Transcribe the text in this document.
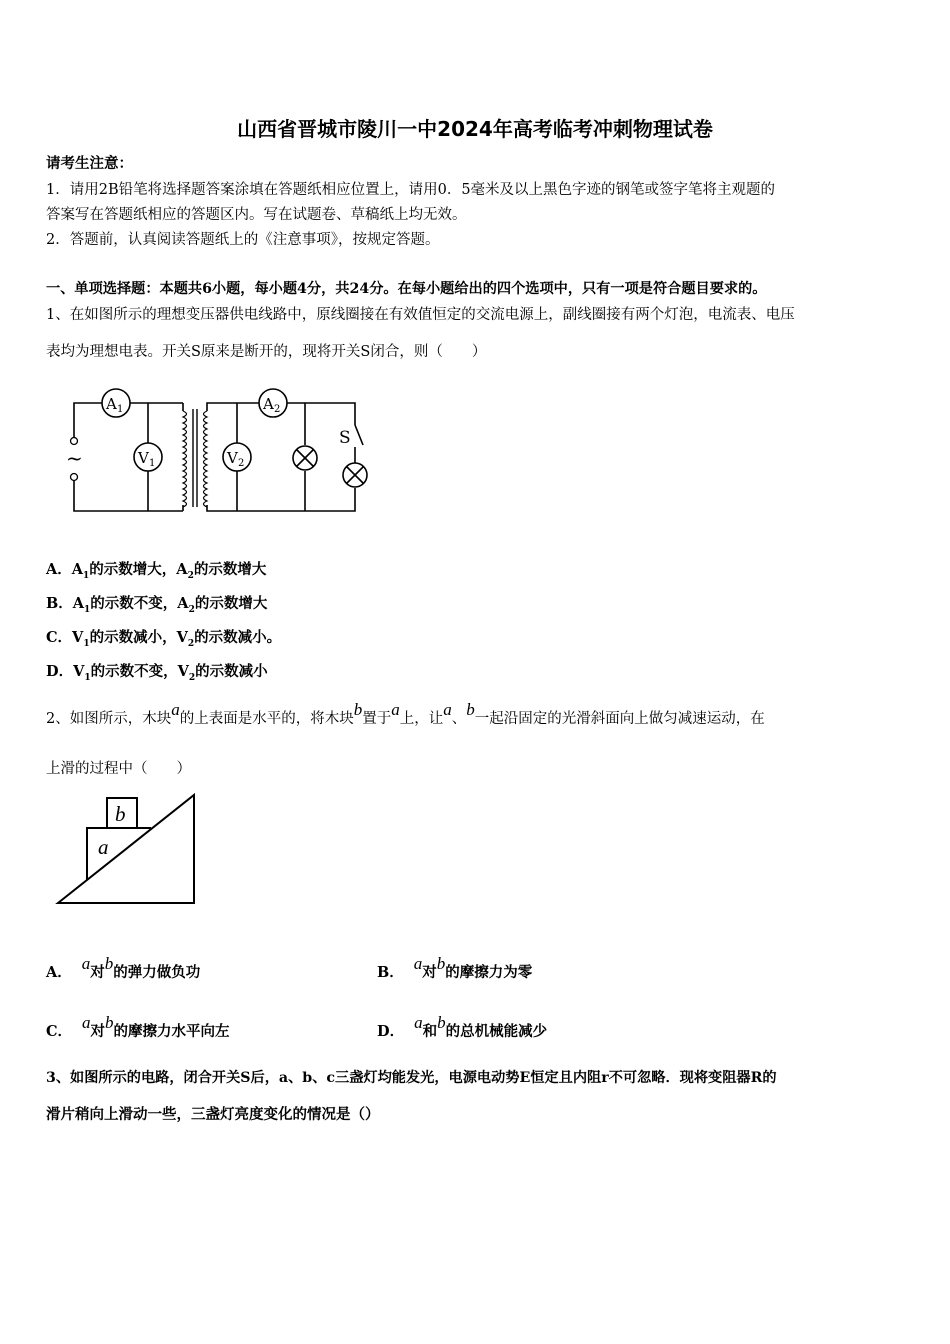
山西省晋城市陵川一中2024年高考临考冲刺物理试卷
请考生注意：
1．请用2B铅笔将选择题答案涂填在答题纸相应位置上，请用0．5毫米及以上黑色字迹的钢笔或签字笔将主观题的
答案写在答题纸相应的答题区内。写在试题卷、草稿纸上均无效。
2．答题前，认真阅读答题纸上的《注意事项》，按规定答题。
一、单项选择题：本题共6小题，每小题4分，共24分。在每小题给出的四个选项中，只有一项是符合题目要求的。
1、在如图所示的理想变压器供电线路中，原线圈接在有效值恒定的交流电源上，副线圈接有两个灯泡，电流表、电压
表均为理想电表。开关S原来是断开的，现将开关S闭合，则（　　）
~
A 1
V 1
A 2
V 2
S
A．$A_1$的示数增大，$A_2$的示数增大
B．$A_1$的示数不变，$A_2$的示数增大
C．$V_1$的示数减小，$V_2$的示数减小。
D．$V_1$的示数不变，$V_2$的示数减小
2、如图所示，木块a的上表面是水平的，将木块b置于a上，让a、b一起沿固定的光滑斜面向上做匀减速运动，在
上滑的过程中（　　）
b
a
A． a对b的弹力做负功	B． a对b的摩擦力为零
C． a对b的摩擦力水平向左	D． a和b的总机械能减少
3、如图所示的电路，闭合开关S后，a、b、c三盏灯均能发光，电源电动势E恒定且内阻r不可忽略．现将变阻器R的
滑片稍向上滑动一些，三盏灯亮度变化的情况是（）
